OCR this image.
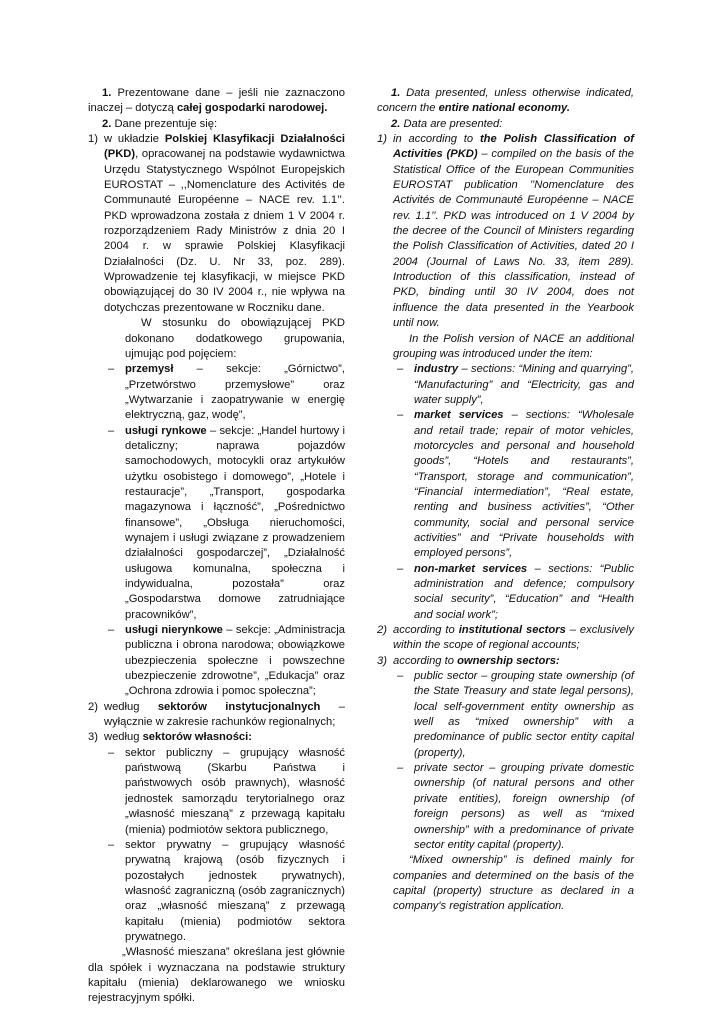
1. Prezentowane dane – jeśli nie zaznaczono inaczej – dotyczą całej gospodarki narodowej.

2. Dane prezentuje się:

1) w układzie Polskiej Klasyfikacji Działalności (PKD), opracowanej na podstawie wydawnictwa Urzędu Statystycznego Wspólnot Europejskich EUROSTAT – ,,Nomenclature des Activités de Communauté Européenne – NACE rev. 1.1’’. PKD wprowadzona została z dniem 1 V 2004 r. rozporządzeniem Rady Ministrów z dnia 20 I 2004 r. w sprawie Polskiej Klasyfikacji Działalności (Dz. U. Nr 33, poz. 289). Wprowadzenie tej klasyfikacji, w miejsce PKD obowiązującej do 30 IV 2004 r., nie wpływa na dotychczas prezentowane w Roczniku dane.

W stosunku do obowiązującej PKD dokonano dodatkowego grupowania, ujmując pod pojęciem:

– przemysł – sekcje: „Górnictwo”, „Przetwórstwo przemysłowe” oraz „Wytwarzanie i zaopatrywanie w energię elektryczną, gaz, wodę”,
– usługi rynkowe – sekcje: „Handel hurtowy i detaliczny; naprawa pojazdów samochodowych, motocykli oraz artykułów użytku osobistego i domowego”, „Hotele i restauracje”, „Transport, gospodarka magazynowa i łączność”, „Pośrednictwo finansowe”, „Obsługa nieruchomości, wynajem i usługi związane z prowadzeniem działalności gospodarczej”, „Działalność usługowa komunalna, społeczna i indywidualna, pozostała” oraz „Gospodarstwa domowe zatrudniające pracowników”,
– usługi nierynkowe – sekcje: „Administracja publiczna i obrona narodowa; obowiązkowe ubezpieczenia społeczne i powszechne ubezpieczenie zdrowotne”, „Edukacja” oraz „Ochrona zdrowia i pomoc społeczna”;
2) według sektorów instytucjonalnych – wyłącznie w zakresie rachunków regionalnych;
3) według sektorów własności:
– sektor publiczny – grupujący własność państwową (Skarbu Państwa i państwowych osób prawnych), własność jednostek samorządu terytorialnego oraz „własność mieszaną” z przewagą kapitału (mienia) podmiotów sektora publicznego,
– sektor prywatny – grupujący własność prywatną krajową (osób fizycznych i pozostałych jednostek prywatnych), własność zagraniczną (osób zagranicznych) oraz „własność mieszaną” z przewagą kapitału (mienia) podmiotów sektora prywatnego.

„Własność mieszana” określana jest głównie dla spółek i wyznaczana na podstawie struktury kapitału (mienia) deklarowanego we wniosku rejestracyjnym spółki.

1. Data presented, unless otherwise indicated, concern the entire national economy.

2. Data are presented:

1) in according to the Polish Classification of Activities (PKD) – compiled on the basis of the Statistical Office of the European Communities EUROSTAT publication ’’Nomenclature des Activités de Communauté Européenne – NACE rev. 1.1’’. PKD was introduced on 1 V 2004 by the decree of the Council of Ministers regarding the Polish Classification of Activities, dated 20 I 2004 (Journal of Laws No. 33, item 289). Introduction of this classification, instead of PKD, binding until 30 IV 2004, does not influence the data presented in the Yearbook until now.

In the Polish version of NACE an additional grouping was introduced under the item:

– industry – sections: “Mining and quarrying”, “Manufacturing” and “Electricity, gas and water supply”,
– market services – sections: “Wholesale and retail trade; repair of motor vehicles, motorcycles and personal and household goods”, “Hotels and restaurants”, “Transport, storage and communication”, “Financial intermediation”, “Real estate, renting and business activities”, “Other community, social and personal service activities” and “Private households with employed persons”,
– non-market services – sections: “Public administration and defence; compulsory social security”, “Education” and “Health and social work”;
2) according to institutional sectors – exclusively within the scope of regional accounts;
3) according to ownership sectors:
– public sector – grouping state ownership (of the State Treasury and state legal persons), local self-government entity ownership as well as “mixed ownership” with a predominance of public sector entity capital (property),
– private sector – grouping private domestic ownership (of natural persons and other private entities), foreign ownership (of foreign persons) as well as “mixed ownership” with a predominance of private sector entity capital (property).

“Mixed ownership” is defined mainly for companies and determined on the basis of the capital (property) structure as declared in a company's registration application.
